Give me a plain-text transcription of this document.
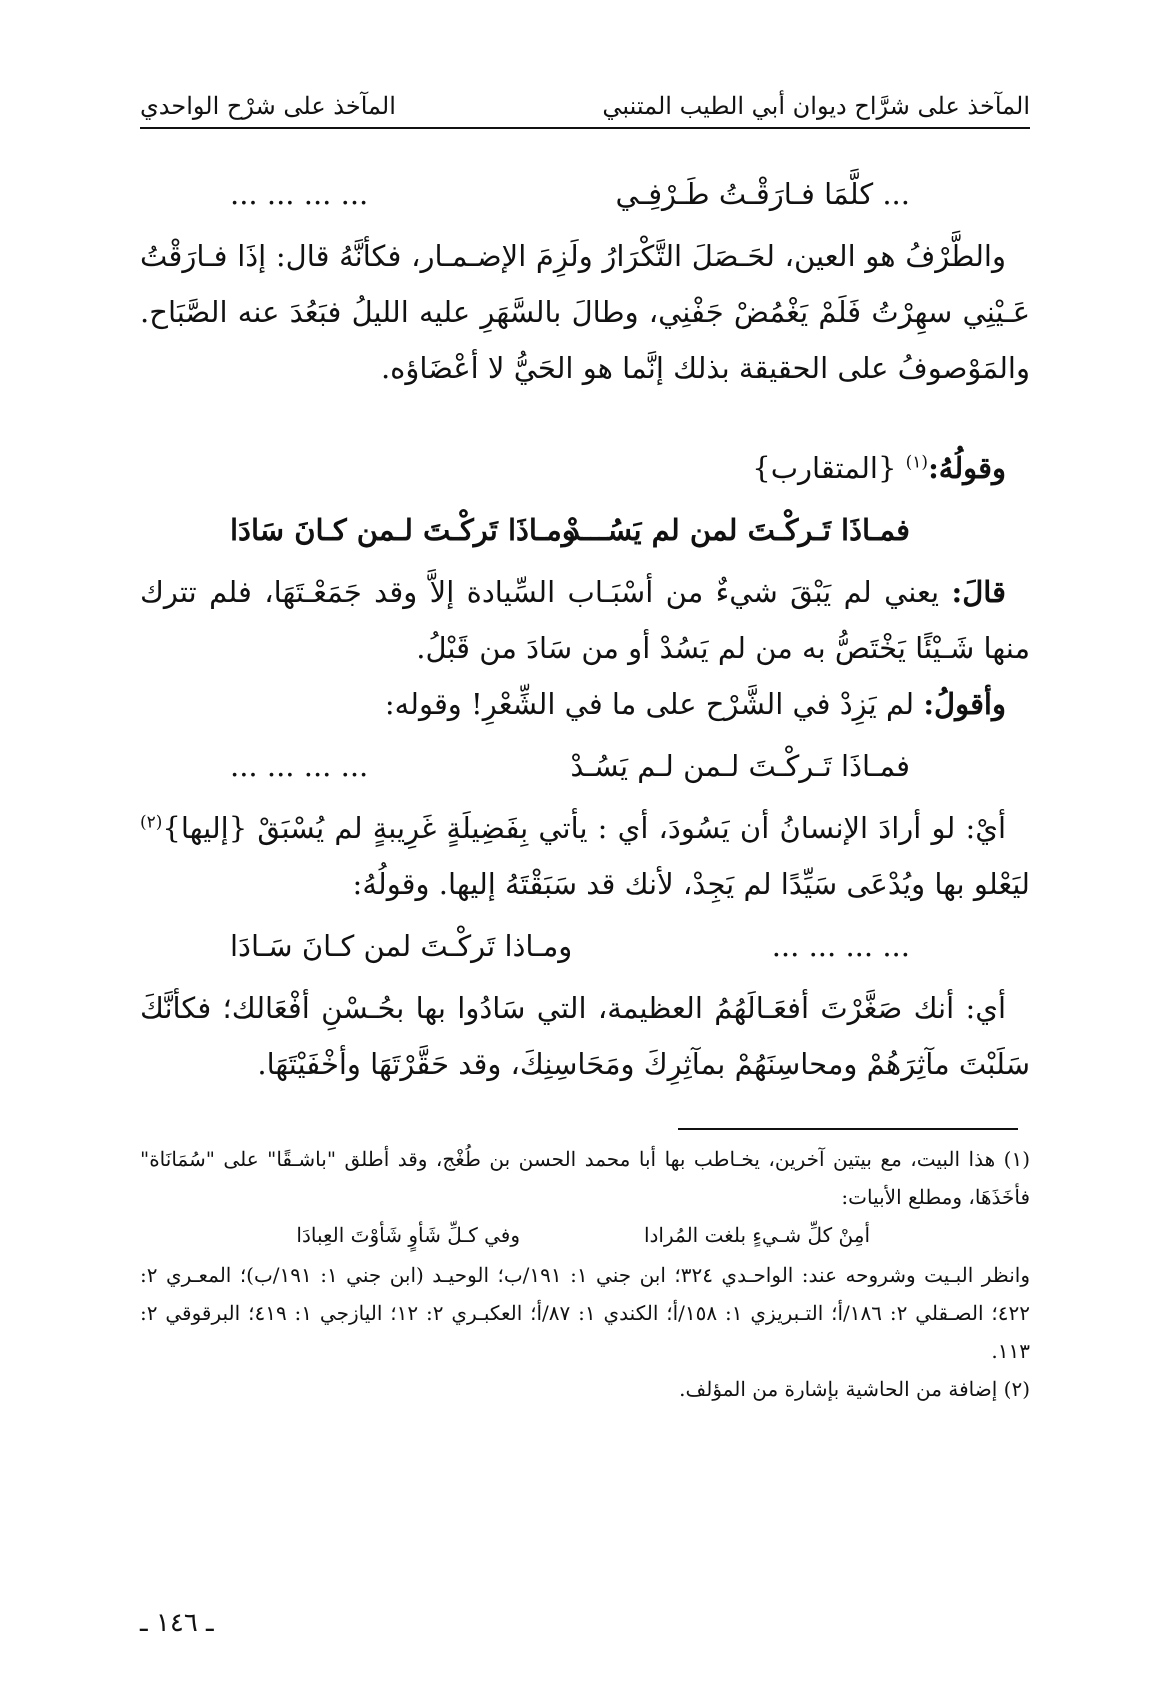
المآخذ على شرَّاح ديوان أبي الطيب المتنبي
المآخذ على شرْح الواحدي
... كلَّمَا فـارَقْـتُ طَـرْفِـي
... ... ... ...

والطَّرْفُ هو العين، لحَـصَلَ التَّكْرَارُ ولَزِمَ الإضـمـار، فكأنَّهُ قال: إذَا فـارَقْتُ عَـيْنِي سهِرْتُ فَلَمْ يَغْمُضْ جَفْنِي، وطالَ بالسَّهَرِ عليه الليلُ فبَعُدَ عنه الصَّبَاح. والمَوْصوفُ على الحقيقة بذلك إنَّما هو الحَيُّ لا أعْضَاؤه.

وقولُهُ:$^{(١)}$ {المتقارب}

فمـاذَا تَـركْـتَ لمن لم يَسُـــدْ
ومـاذَا تَركْـتَ لـمن كـانَ سَادَا

قالَ: يعني لم يَبْقَ شيءٌ من أسْبَـاب السِّيادة إلاَّ وقد جَمَعْـتَهَا، فلم تترك منها شَـيْئًا يَخْتَصُّ به من لم يَسُدْ أو من سَادَ من قَبْلُ.

وأقولُ: لم يَزِدْ في الشَّرْح على ما في الشِّعْرِ! وقوله:

فمـاذَا تَـركْـتَ لـمن لـم يَسُـدْ
... ... ... ...

أيْ: لو أرادَ الإنسانُ أن يَسُودَ، أي : يأتي بِفَضِيلَةٍ غَرِيبةٍ لم يُسْبَقْ {إليها}$^{(٢)}$ ليَعْلو بها ويُدْعَى سَيِّدًا لم يَجِدْ، لأنك قد سَبَقْتَهُ إليها. وقولُهُ:

... ... ... ...
ومـاذا تَركْـتَ لمن كـانَ سَـادَا

أي: أنك صَغَّرْتَ أفعَـالَهُمُ العظيمة، التي سَادُوا بها بحُـسْنِ أفْعَالك؛ فكأنَّكَ سَلَبْتَ مآثِرَهُمْ ومحاسِنَهُمْ بمآثِرِكَ ومَحَاسِنِكَ، وقد حَقَّرْتَهَا وأخْفَيْتَهَا.

(١) هذا البيت، مع بيتين آخرين، يخـاطب بها أبا محمد الحسن بن طُغْج، وقد أطلق "باشـقًا" على "سُمَانَاة" فأخَذَهَا، ومطلع الأبيات:

أمِنْ كلِّ شـيءٍ بلغت المُرادا
وفي كـلِّ شَأوٍ شَأوْتَ العِبادَا

وانظر البـيت وشروحه عند: الواحـدي ٣٢٤؛ ابن جني ١: ١٩١/ب؛ الوحيـد (ابن جني ١: ١٩١/ب)؛ المعـري ٢: ٤٢٢؛ الصـقلي ٢: ١٨٦/أ؛ التـبريزي ١: ١٥٨/أ؛ الكندي ١: ٨٧/أ؛ العكبـري ٢: ١٢؛ اليازجي ١: ٤١٩؛ البرقوقي ٢: ١١٣.

(٢) إضافة من الحاشية بإشارة من المؤلف.

ـ ١٤٦ ـ
